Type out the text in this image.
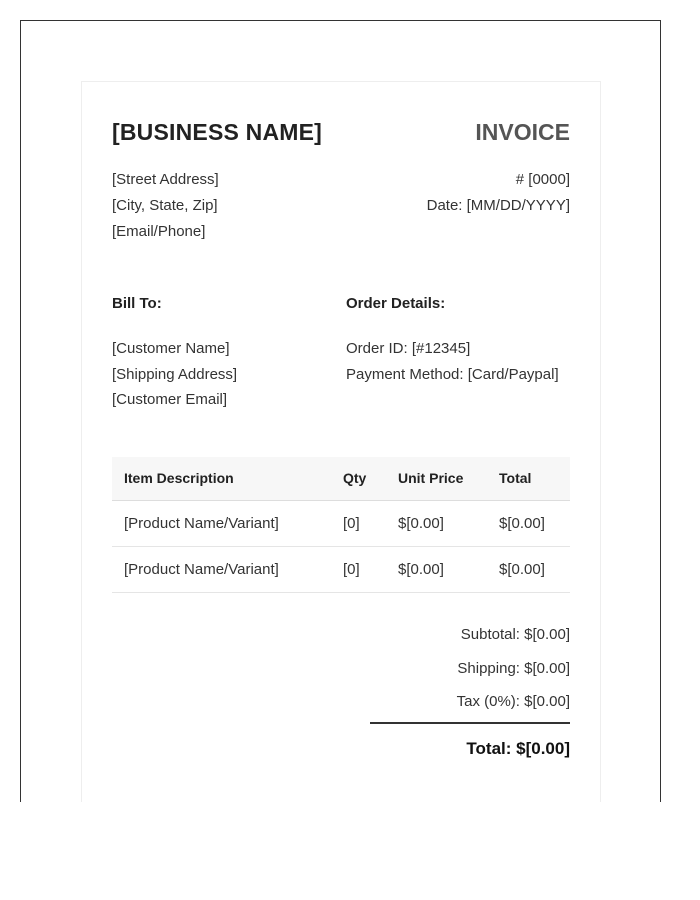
[BUSINESS NAME]	INVOICE
[Street Address]
[City, State, Zip]
[Email/Phone]
# [0000]
Date: [MM/DD/YYYY]
Bill To:
[Customer Name]
[Shipping Address]
[Customer Email]
Order Details:
Order ID: [#12345]
Payment Method: [Card/Paypal]
Item Description	Qty	Unit Price	Total
[Product Name/Variant]	[0]	$[0.00]	$[0.00]
[Product Name/Variant]	[0]	$[0.00]	$[0.00]
Subtotal: $[0.00]
Shipping: $[0.00]
Tax (0%): $[0.00]
Total: $[0.00]
